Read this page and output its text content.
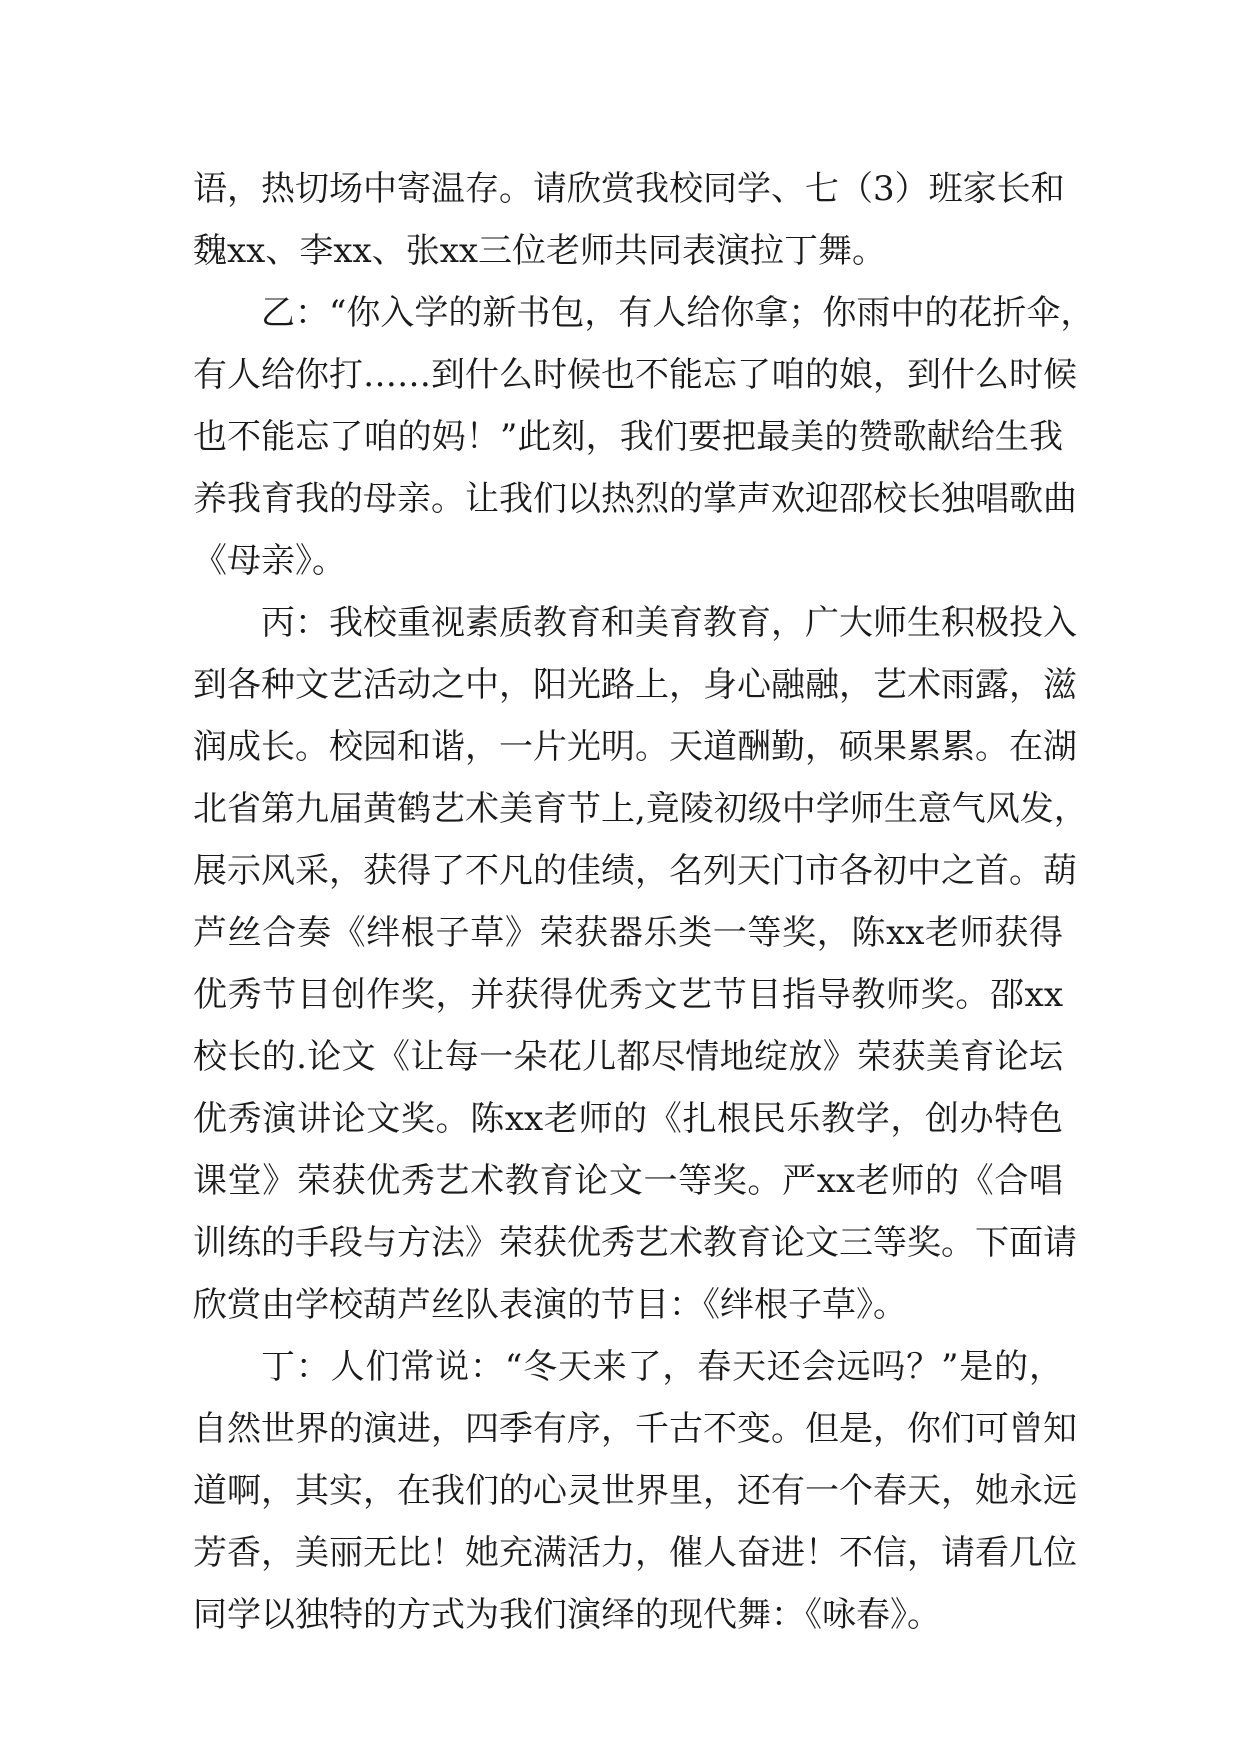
语，热切场中寄温存。请欣赏我校同学、七（3）班家长和
魏xx、李xx、张xx三位老师共同表演拉丁舞。
乙：“你入学的新书包，有人给你拿；你雨中的花折伞，
有人给你打……到什么时候也不能忘了咱的娘，到什么时候
也不能忘了咱的妈！”此刻，我们要把最美的赞歌献给生我
养我育我的母亲。让我们以热烈的掌声欢迎邵校长独唱歌曲
《母亲》。
丙：我校重视素质教育和美育教育，广大师生积极投入
到各种文艺活动之中，阳光路上，身心融融，艺术雨露，滋
润成长。校园和谐，一片光明。天道酬勤，硕果累累。在湖
北省第九届黄鹤艺术美育节上,竟陵初级中学师生意气风发，
展示风采，获得了不凡的佳绩，名列天门市各初中之首。葫
芦丝合奏《绊根子草》荣获器乐类一等奖，陈xx老师获得
优秀节目创作奖，并获得优秀文艺节目指导教师奖。邵xx
校长的.论文《让每一朵花儿都尽情地绽放》荣获美育论坛
优秀演讲论文奖。陈xx老师的《扎根民乐教学，创办特色
课堂》荣获优秀艺术教育论文一等奖。严xx老师的《合唱
训练的手段与方法》荣获优秀艺术教育论文三等奖。下面请
欣赏由学校葫芦丝队表演的节目：《绊根子草》。
丁：人们常说：“冬天来了，春天还会远吗？”是的，
自然世界的演进，四季有序，千古不变。但是，你们可曾知
道啊，其实，在我们的心灵世界里，还有一个春天，她永远
芳香，美丽无比！她充满活力，催人奋进！不信，请看几位
同学以独特的方式为我们演绎的现代舞：《咏春》。
